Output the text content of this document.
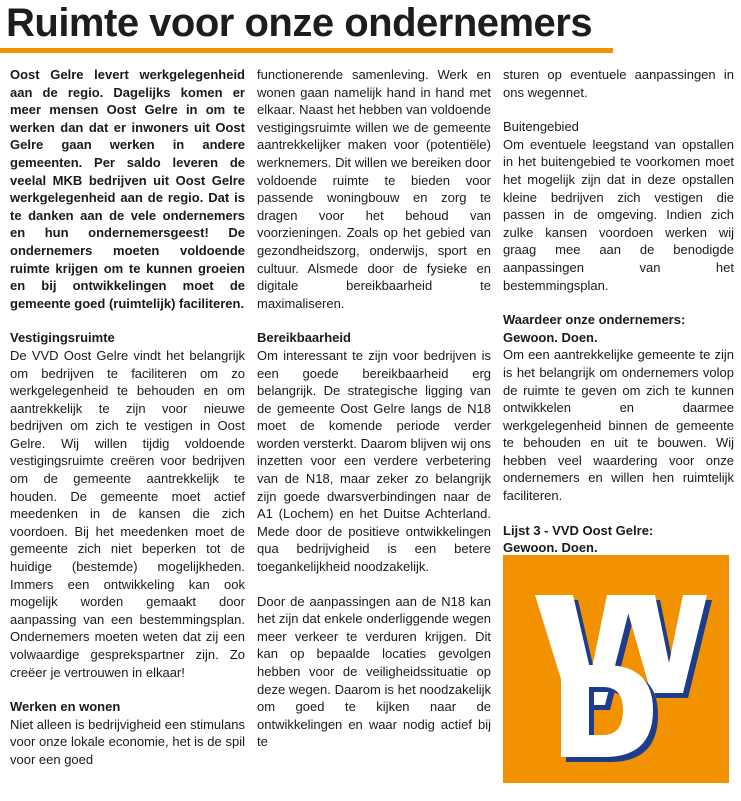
Ruimte voor onze ondernemers

Oost Gelre levert werkgelegenheid aan de regio. Dagelijks komen er meer mensen Oost Gelre in om te werken dan dat er inwoners uit Oost Gelre gaan werken in andere gemeenten. Per saldo leveren de veelal MKB bedrijven uit Oost Gelre werkgelegenheid aan de regio. Dat is te danken aan de vele ondernemers en hun ondernemersgeest! De ondernemers moeten voldoende ruimte krijgen om te kunnen groeien en bij ontwikkelingen moet de gemeente goed (ruimtelijk) faciliteren.

Vestigingsruimte

De VVD Oost Gelre vindt het belangrijk om bedrijven te faciliteren om zo werkgelegenheid te behouden en om aantrekkelijk te zijn voor nieuwe bedrijven om zich te vestigen in Oost Gelre. Wij willen tijdig voldoende vestigingsruimte creëren voor bedrijven om de gemeente aantrekkelijk te houden. De gemeente moet actief meedenken in de kansen die zich voordoen. Bij het meedenken moet de gemeente zich niet beperken tot de huidige (bestemde) mogelijkheden. Immers een ontwikkeling kan ook mogelijk worden gemaakt door aanpassing van een bestemmingsplan. Ondernemers moeten weten dat zij een volwaardige gesprekspartner zijn. Zo creëer je vertrouwen in elkaar!

Werken en wonen

Niet alleen is bedrijvigheid een stimulans voor onze lokale economie, het is de spil voor een goed

functionerende samenleving. Werk en wonen gaan namelijk hand in hand met elkaar. Naast het hebben van voldoende vestigingsruimte willen we de gemeente aantrekkelijker maken voor (potentiële) werknemers. Dit willen we bereiken door voldoende ruimte te bieden voor passende woningbouw en zorg te dragen voor het behoud van voorzieningen. Zoals op het gebied van gezondheidszorg, onderwijs, sport en cultuur. Alsmede door de fysieke en digitale bereikbaarheid te maximaliseren.

Bereikbaarheid

Om interessant te zijn voor bedrijven is een goede bereikbaarheid erg belangrijk. De strategische ligging van de gemeente Oost Gelre langs de N18 moet de komende periode verder worden versterkt. Daarom blijven wij ons inzetten voor een verdere verbetering van de N18, maar zeker zo belangrijk zijn goede dwarsverbindingen naar de A1 (Lochem) en het Duitse Achterland. Mede door de positieve ontwikkelingen qua bedrijvigheid is een betere toegankelijkheid noodzakelijk.

Door de aanpassingen aan de N18 kan het zijn dat enkele onderliggende wegen meer verkeer te verduren krijgen. Dit kan op bepaalde locaties gevolgen hebben voor de veiligheidssituatie op deze wegen. Daarom is het noodzakelijk om goed te kijken naar de ontwikkelingen en waar nodig actief bij te

sturen op eventuele aanpassingen in ons wegennet.

Buitengebied

Om eventuele leegstand van opstallen in het buitengebied te voorkomen moet het mogelijk zijn dat in deze opstallen kleine bedrijven zich vestigen die passen in de omgeving. Indien zich zulke kansen voordoen werken wij graag mee aan de benodigde aanpassingen van het bestemmingsplan.

Waardeer onze ondernemers:

Gewoon. Doen.

Om een aantrekkelijke gemeente te zijn is het belangrijk om ondernemers volop de ruimte te geven om zich te kunnen ontwikkelen en daarmee werkgelegenheid binnen de gemeente te behouden en uit te bouwen. Wij hebben veel waardering voor onze ondernemers en willen hen ruimtelijk faciliteren.

Lijst 3 - VVD Oost Gelre:

Gewoon. Doen.
